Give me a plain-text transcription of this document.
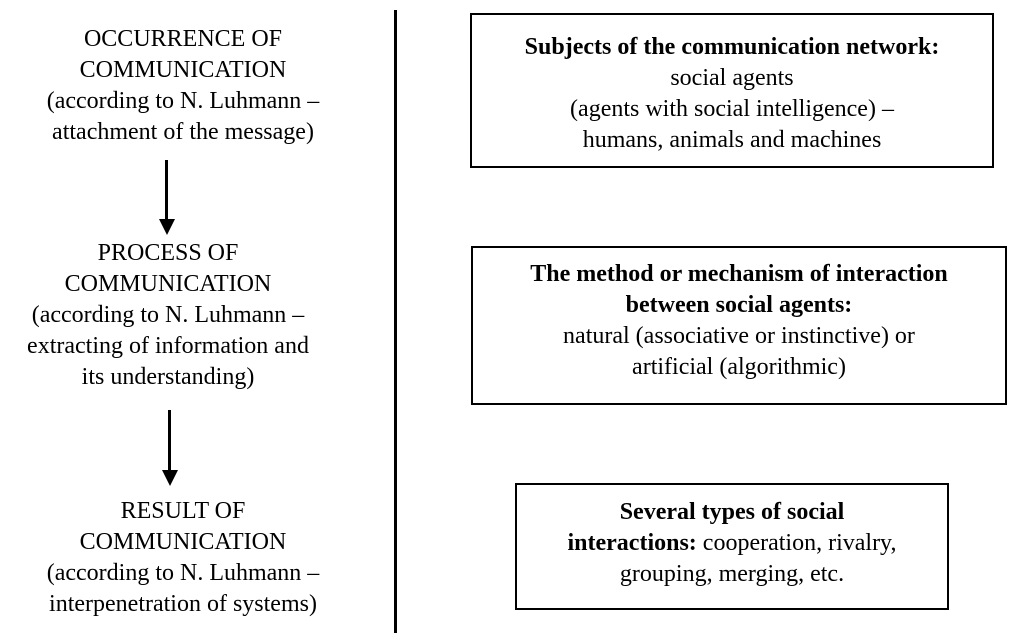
OCCURRENCE OF
COMMUNICATION
(according to N. Luhmann –
attachment of the message)
PROCESS OF
COMMUNICATION
(according to N. Luhmann –
extracting of information and
its understanding)
RESULT OF
COMMUNICATION
(according to N. Luhmann –
interpenetration of systems)
Subjects of the communication network:
social agents
(agents with social intelligence) –
humans, animals and machines
The method or mechanism of interaction
between social agents:
natural (associative or instinctive) or
artificial (algorithmic)
Several types of social
interactions: cooperation, rivalry,
grouping, merging, etc.
